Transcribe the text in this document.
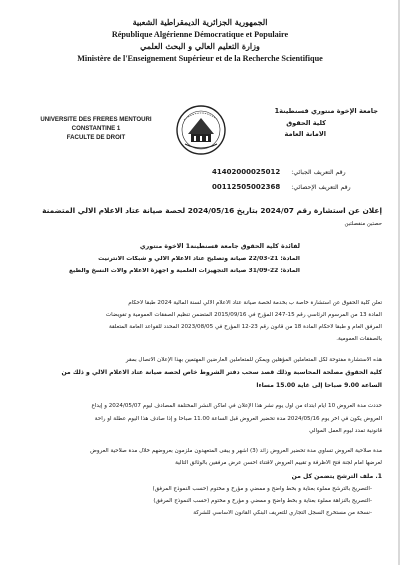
الجمهورية الجزائرية الديمقراطية الشعبية
République Algérienne Démocratique et Populaire
وزارة التعليم العالي و البحث العلمي
Ministère de l'Enseignement Supérieur et de la Recherche Scientifique
UNIVERSITE DES FRERES MENTOURI
CONSTANTINE 1
FACULTE DE DROIT
جامعة الإخوة منتوري قسنطينة1
كلية الحقوق
الأمانة العامة
41402000025012 رقم التعريف الجبائي:
00112505002368 رقم التعريف الإحصائي:
إعلان عن استشارة رقم 2024/07 بتاريخ 2024/05/16 لحصة صيانة عتاد الاعلام الالي المتضمنة
حصتين منفصلتين
لفائدة كلية الحقوق جامعة قسنطينة1 الاخوة منتوري
المادة: 21-22/03 صيانة وتصليح عتاد الاعلام الالي و شبكات الانترنيت
المادة: 22-31/09 صيانة التجهيزات العلمية و أجهزة الاعلام والات النسخ والطبع
تعلن كلية الحقوق عن استشارة خاصة ب بخدمة لحصة صيانة عتاد الاعلام الالي لسنة المالية 2024 طبقا لأحكام
المادة 13 من المرسوم الرئاسي رقم 15-247 المؤرخ في 2015/09/16 المتضمن تنظيم الصفقات العمومية و تفويضات
المرفق العام و طبقا لأحكام المادة 18 من قانون رقم 23-12 المؤرخ في 2023/08/05 المحدد للقواعد العامة المتعلقة
بالصفقات العمومية.
هذه الاستشارة مفتوحة لكل المتعاملين المؤهلين ويمكن للمتعاملين العارضين المهتمين بهذا الإعلان الاتصال بمقر
كلية الحقوق مصلحة المحاسبة وذلك قصد سحب دفتر الشروط خاص لحصة صيانة عتاد الاعلام الالي و ذلك من
الساعة 9.00 صباحا إلى غاية 15.00 مساءا
حددت مدة العروض 10 ايام ابتداء من أول يوم نشر هذا الإعلان في أماكن النشر المختلفة المصادف ليوم 2024/05/07 و إيداع
العروض يكون في آخر يوم 2024/05/16 مدة تحضير العروض قبل الساعة 11.00 صباحا و إذا صادف هذا اليوم عطلة أو راحة
قانونية تمدد ليوم العمل الموالي
مدة صلاحية العروض تساوي مدة تحضير العروض زائد (3) أشهر و يبقى المتعهدون ملزمون بعروضهم خلال مدة صلاحية العروض
لعرضها أمام لجنة فتح الأظرفة و تقييم العروض لاقتناء أحسن عرض مرفقين بالوثائق التالية
1. ملف الترشح يتضمن كل من
-التصريح بالترشح مملوء بعناية و بخط واضح و ممضي و مؤرخ و مختوم (حسب النموذج المرفق)
-التصريح بالنزاهة مملوء بعناية و بخط واضح و ممضي و مؤرخ و مختوم (حسب النموذج المرفق)
-نسخة من مستخرج السجل التجاري للتعريف البنكي القانون الأساسي للشركة
